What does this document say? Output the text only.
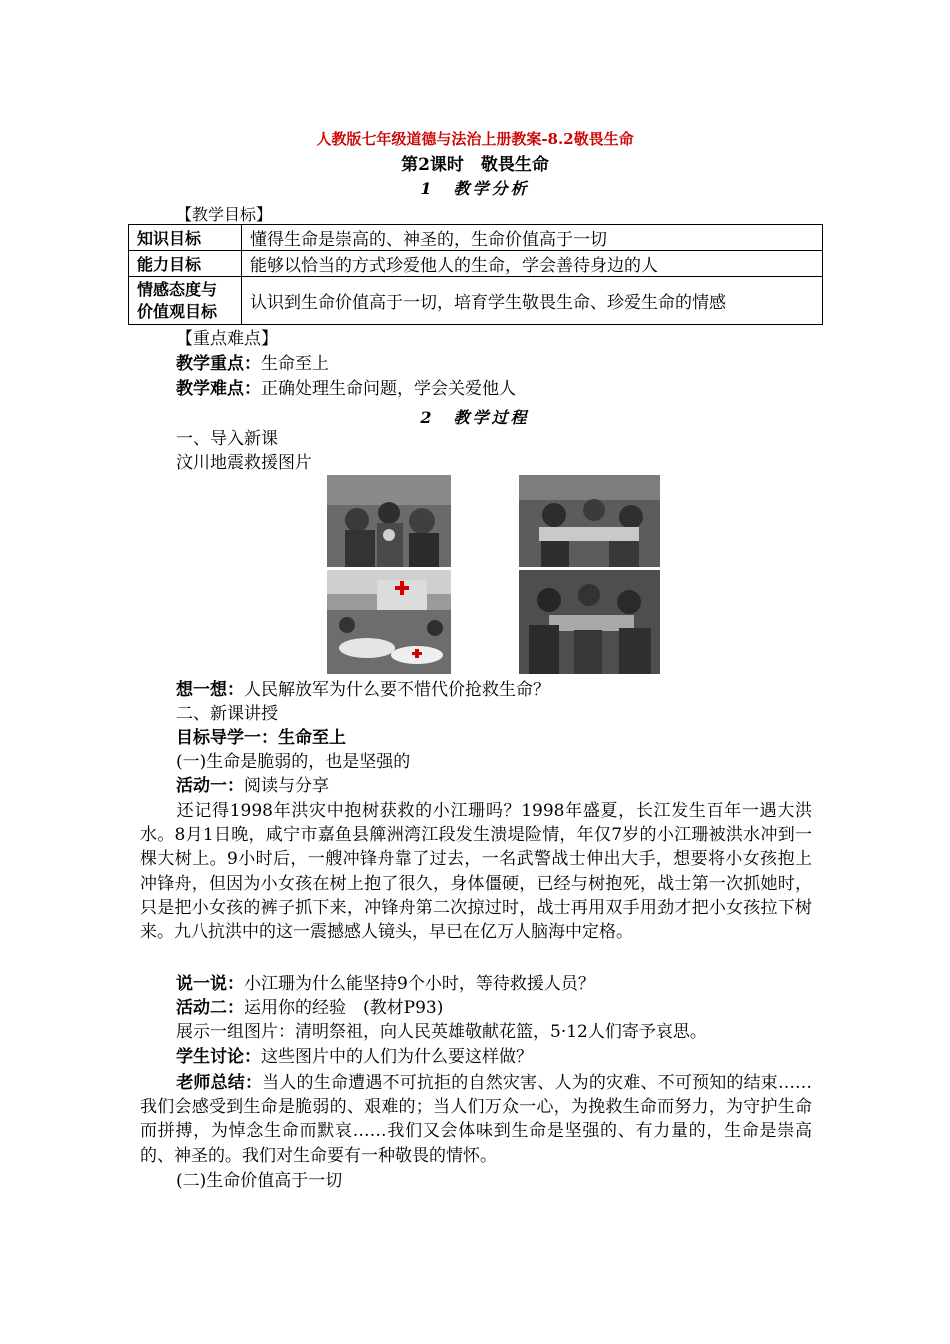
人教版七年级道德与法治上册教案-8.2敬畏生命
第2课时　敬畏生命
1　教学分析
【教学目标】
知识目标	懂得生命是崇高的、神圣的，生命价值高于一切
能力目标	能够以恰当的方式珍爱他人的生命，学会善待身边的人

情感态度与
价值观目标	认识到生命价值高于一切，培育学生敬畏生命、珍爱生命的情感
【重点难点】
教学重点：生命至上
教学难点：正确处理生命问题，学会关爱他人
2　教学过程
一、导入新课
汶川地震救援图片
想一想：人民解放军为什么要不惜代价抢救生命？
二、新课讲授
目标导学一：生命至上
(一)生命是脆弱的，也是坚强的
活动一：阅读与分享
还记得1998年洪灾中抱树获救的小江珊吗？1998年盛夏，长江发生百年一遇大洪水。8月1日晚，咸宁市嘉鱼县簰洲湾江段发生溃堤险情，年仅7岁的小江珊被洪水冲到一棵大树上。9小时后，一艘冲锋舟靠了过去，一名武警战士伸出大手，想要将小女孩抱上冲锋舟，但因为小女孩在树上抱了很久，身体僵硬，已经与树抱死，战士第一次抓她时，只是把小女孩的裤子抓下来，冲锋舟第二次掠过时，战士再用双手用劲才把小女孩拉下树来。九八抗洪中的这一震撼感人镜头，早已在亿万人脑海中定格。
说一说：小江珊为什么能坚持9个小时，等待救援人员？
活动二：运用你的经验　(教材P93)
展示一组图片：清明祭祖，向人民英雄敬献花篮，5·12人们寄予哀思。
学生讨论：这些图片中的人们为什么要这样做？
老师总结：当人的生命遭遇不可抗拒的自然灾害、人为的灾难、不可预知的结束……我们会感受到生命是脆弱的、艰难的；当人们万众一心，为挽救生命而努力，为守护生命而拼搏，为悼念生命而默哀……我们又会体味到生命是坚强的、有力量的，生命是崇高的、神圣的。我们对生命要有一种敬畏的情怀。
(二)生命价值高于一切
